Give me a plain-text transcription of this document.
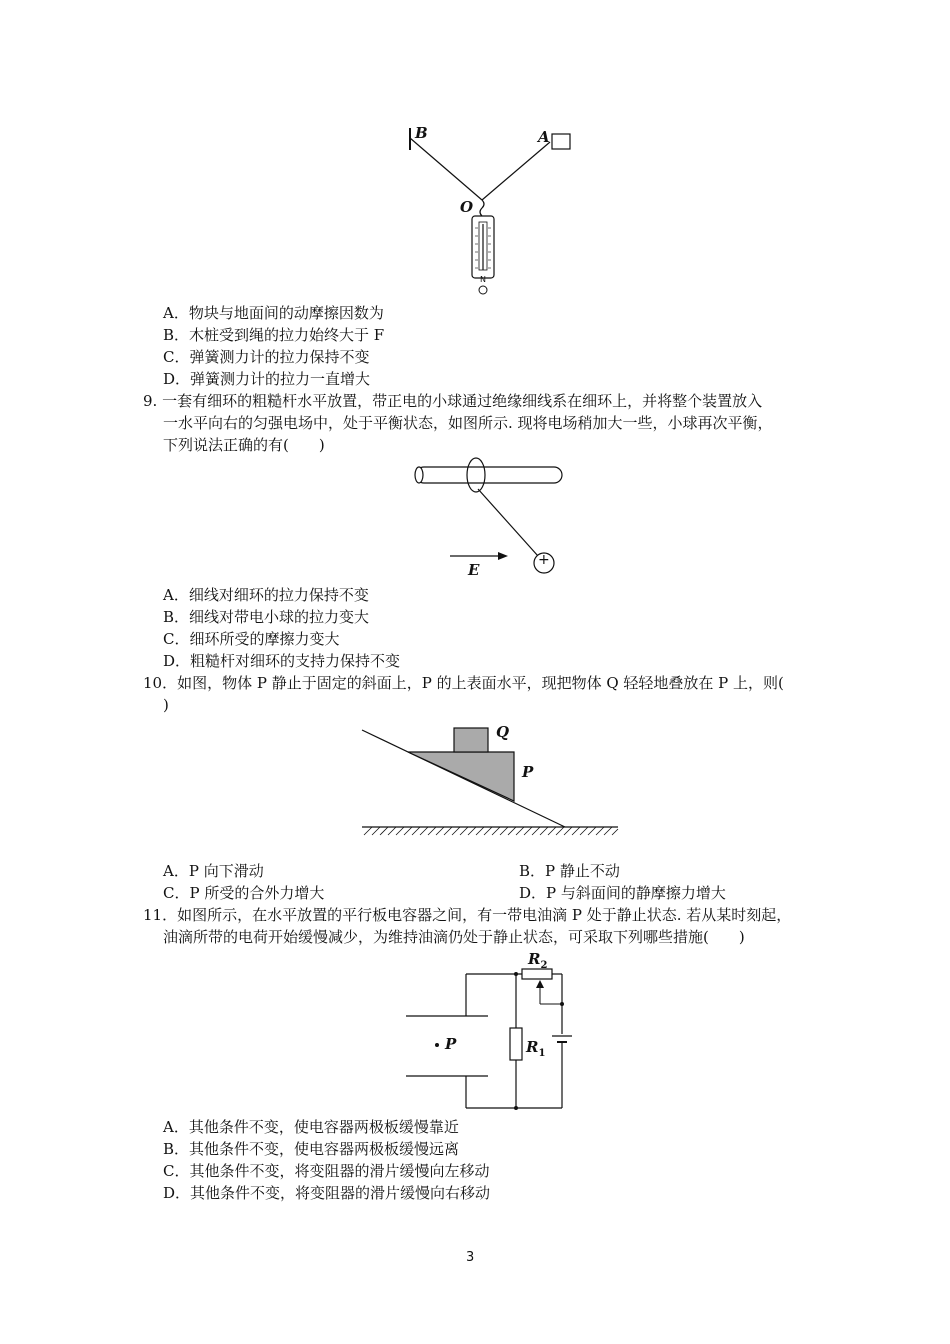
B	A
O
N
A．物块与地面间的动摩擦因数为
B．木桩受到绳的拉力始终大于 F
C．弹簧测力计的拉力保持不变
D．弹簧测力计的拉力一直增大
9. 一套有细环的粗糙杆水平放置，带正电的小球通过绝缘细线系在细环上，并将整个装置放入
一水平向右的匀强电场中，处于平衡状态，如图所示. 现将电场稍加大一些，小球再次平衡，
下列说法正确的有(　　)
+
E
A．细线对细环的拉力保持不变
B．细线对带电小球的拉力变大
C．细环所受的摩擦力变大
D．粗糙杆对细环的支持力保持不变
10．如图，物体 P 静止于固定的斜面上，P 的上表面水平，现把物体 Q 轻轻地叠放在 P 上，则(
)
Q
P
A．P 向下滑动	B．P 静止不动
C．P 所受的合外力增大	D．P 与斜面间的静摩擦力增大
11．如图所示，在水平放置的平行板电容器之间，有一带电油滴 P 处于静止状态. 若从某时刻起，
油滴所带的电荷开始缓慢减少，为维持油滴仍处于静止状态，可采取下列哪些措施(　　)
$R_2$
$R_1$
P
A．其他条件不变，使电容器两极板缓慢靠近
B．其他条件不变，使电容器两极板缓慢远离
C．其他条件不变，将变阻器的滑片缓慢向左移动
D．其他条件不变，将变阻器的滑片缓慢向右移动
3
